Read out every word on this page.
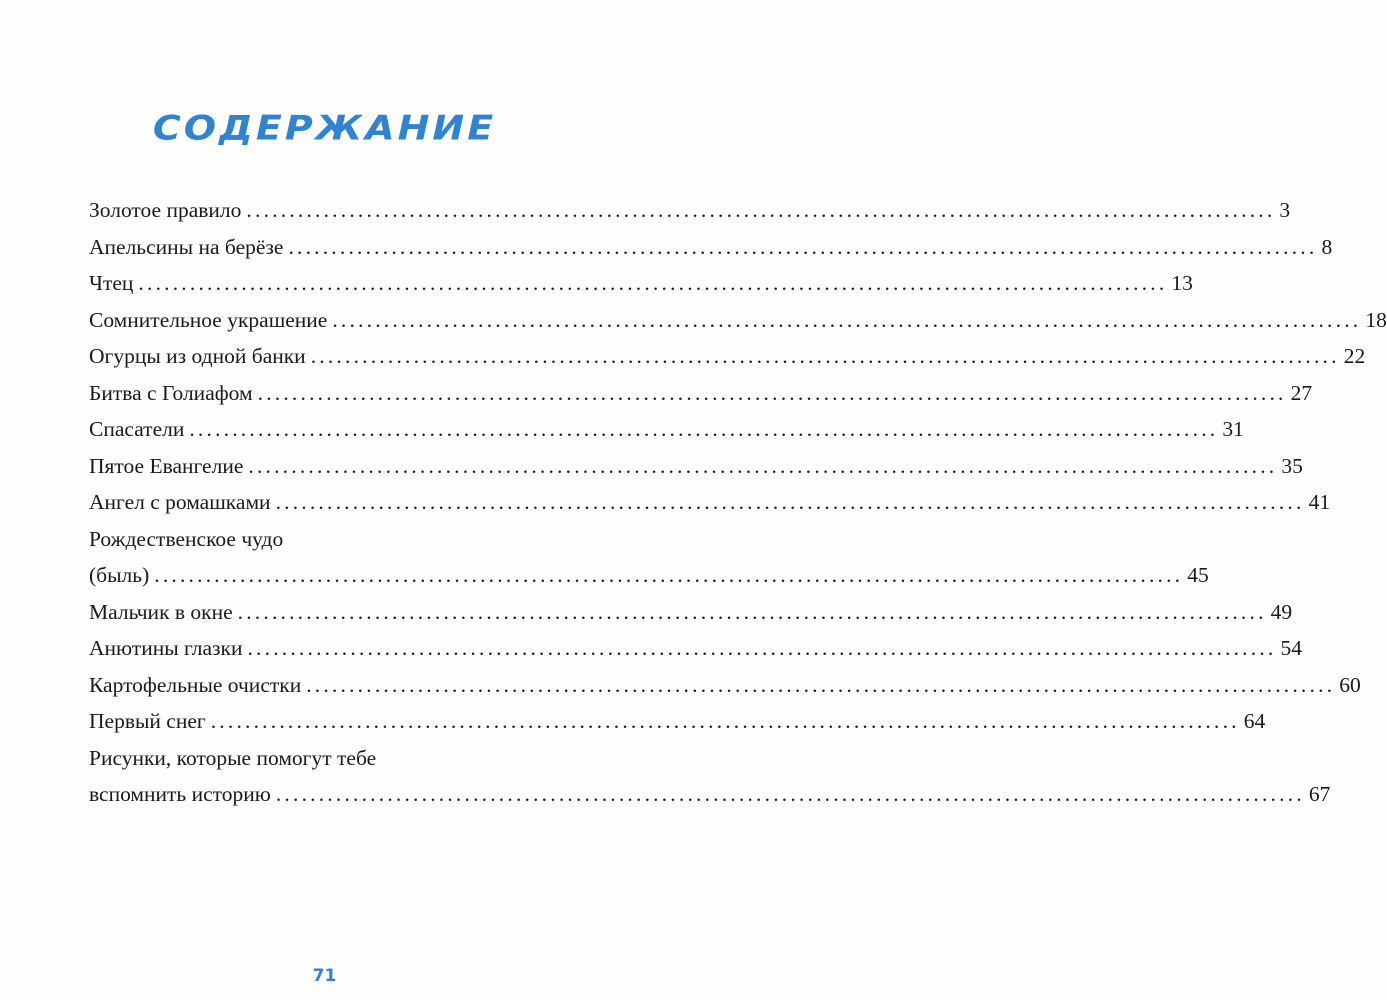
СОДЕРЖАНИЕ
Золотое правило ........................................................................................................................ 3
Апельсины на берёзе ........................................................................................................................ 8
Чтец ........................................................................................................................ 13
Сомнительное украшение ........................................................................................................................ 18
Огурцы из одной банки ........................................................................................................................ 22
Битва с Голиафом ........................................................................................................................ 27
Спасатели ........................................................................................................................ 31
Пятое Евангелие ........................................................................................................................ 35
Ангел с ромашками ........................................................................................................................ 41
Рождественское чудо
(быль) ........................................................................................................................ 45
Мальчик в окне ........................................................................................................................ 49
Анютины глазки ........................................................................................................................ 54
Картофельные очистки ........................................................................................................................ 60
Первый снег ........................................................................................................................ 64
Рисунки, которые помогут тебе
вспомнить историю ........................................................................................................................ 67
71
